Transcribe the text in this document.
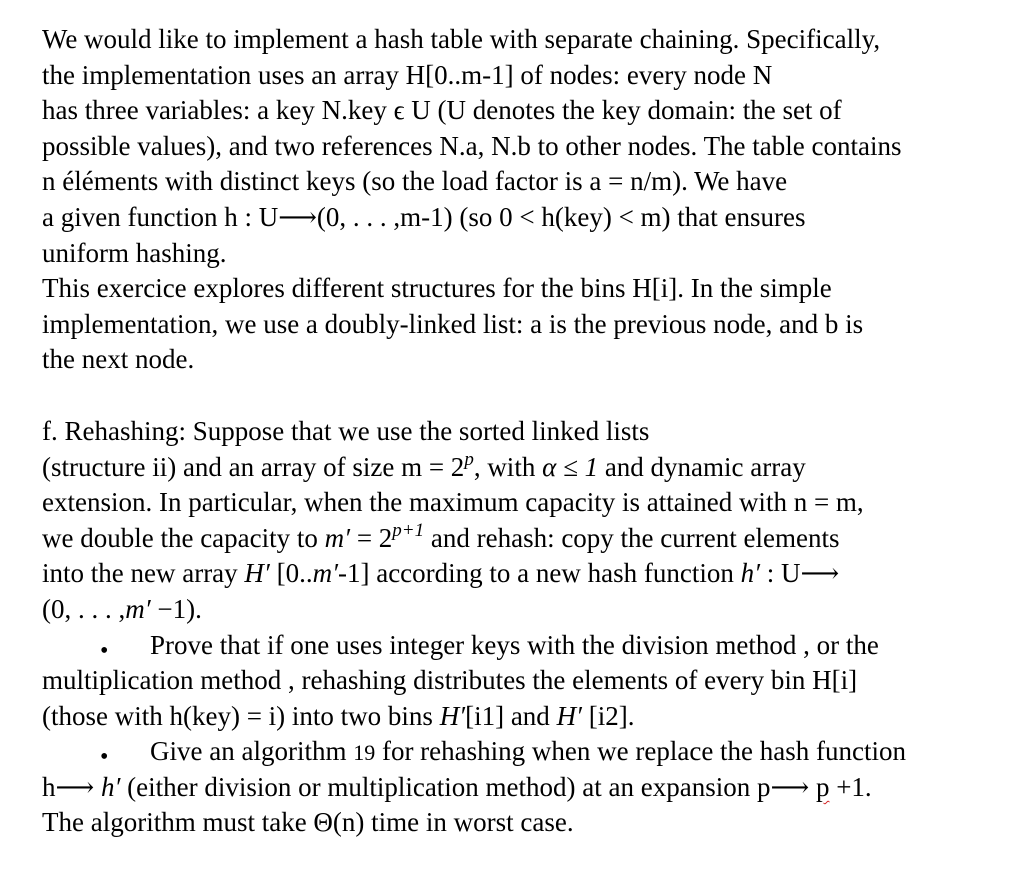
We would like to implement a hash table with separate chaining. Specifically,
the implementation uses an array H[0..m-1] of nodes: every node N
has three variables: a key N.key ϵ U (U denotes the key domain: the set of
possible values), and two references N.a, N.b to other nodes. The table contains
n éléments with distinct keys (so the load factor is a = n/m). We have
a given function h : U⟶(0, . . . ,m-1) (so 0 < h(key) < m) that ensures
uniform hashing.
This exercice explores different structures for the bins H[i]. In the simple
implementation, we use a doubly-linked list: a is the previous node, and b is
the next node.
f. Rehashing: Suppose that we use the sorted linked lists
(structure ii) and an array of size $m = 2^p$, with α ≤ 1 and dynamic array
extension. In particular, when the maximum capacity is attained with n = m,
we double the capacity to $m' = 2^{p+1}$ and rehash: copy the current elements
into the new array H′ [0..m′-1] according to a new hash function h′ : U⟶
(0, . . . ,m′ −1).
• Prove that if one uses integer keys with the division method , or the
multiplication method , rehashing distributes the elements of every bin H[i]
(those with h(key) = i) into two bins H′[i1] and H′ [i2].
• Give an algorithm 19 for rehashing when we replace the hash function
h⟶ h′ (either division or multiplication method) at an expansion p⟶ p +1.
The algorithm must take Θ(n) time in worst case.
